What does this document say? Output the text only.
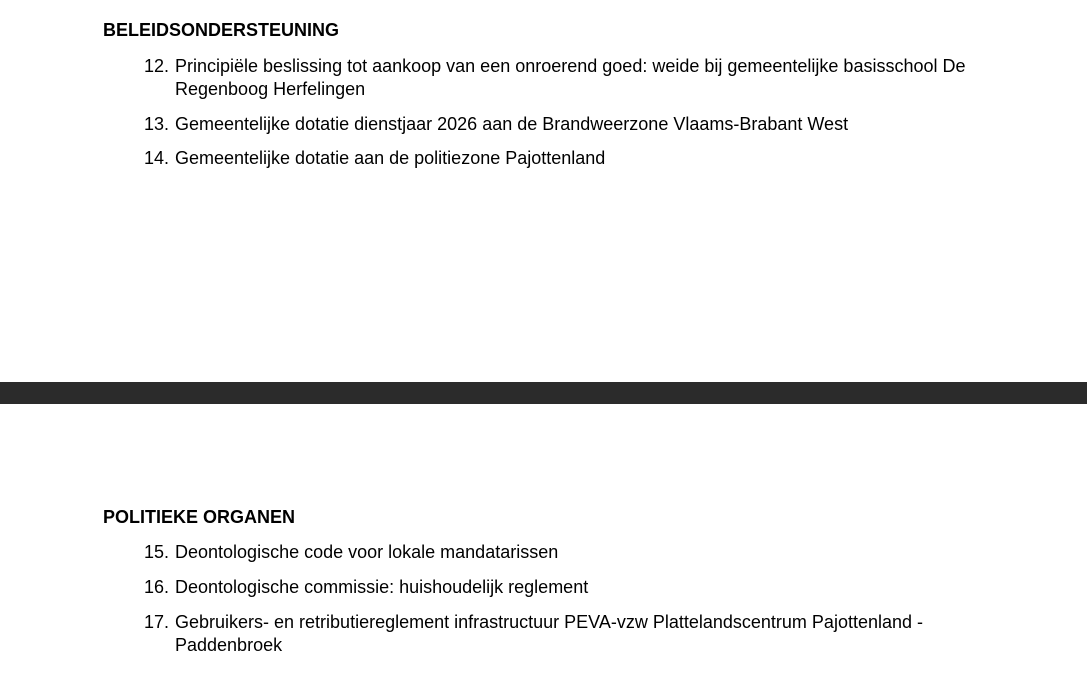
BELEIDSONDERSTEUNING
12. Principiële beslissing tot aankoop van een onroerend goed: weide bij gemeentelijke basisschool De Regenboog Herfelingen
13. Gemeentelijke dotatie dienstjaar 2026 aan de Brandweerzone Vlaams-Brabant West
14. Gemeentelijke dotatie aan de politiezone Pajottenland
POLITIEKE ORGANEN
15. Deontologische code voor lokale mandatarissen
16. Deontologische commissie: huishoudelijk reglement
17. Gebruikers- en retributiereglement infrastructuur PEVA-vzw Plattelandscentrum Pajottenland - Paddenbroek
